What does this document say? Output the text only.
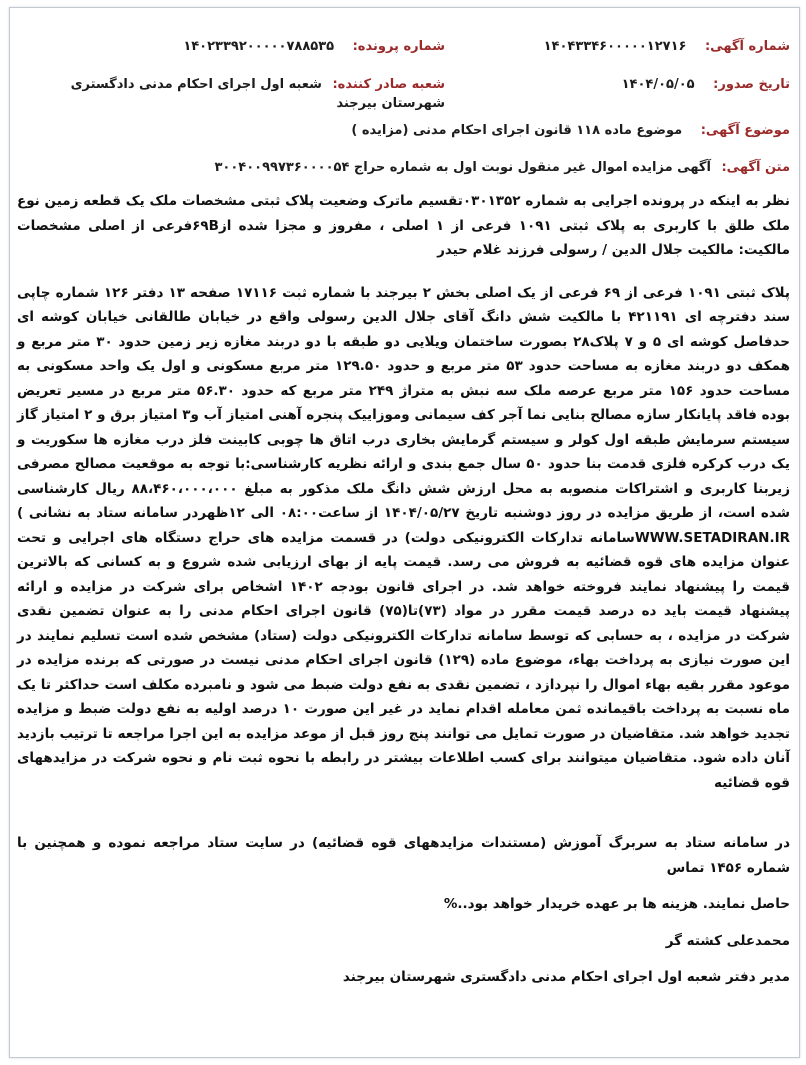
شماره آگهی: ۱۴۰۴۳۳۴۶۰۰۰۰۰۱۲۷۱۶
شماره پرونده: ۱۴۰۲۳۳۹۲۰۰۰۰۰۷۸۸۵۳۵
تاریخ صدور: ۱۴۰۴/۰۵/۰۵
شعبه صادر کننده: شعبه اول اجرای احکام مدنی دادگستری شهرستان بیرجند
موضوع آگهی: موضوع ماده ۱۱۸ قانون اجرای احکام مدنی (مزایده )
متن آگهی: آگهی مزایده اموال غیر منقول نوبت اول به شماره حراج ۳۰۰۴۰۰۹۹۷۳۶۰۰۰۰۵۴

نظر به اینکه در پرونده اجرایی به شماره ۰۳۰۱۳۵۲تقسیم ماترک وضعیت پلاک ثبتی مشخصات ملک یک قطعه زمین نوع ملک طلق با کاربری به پلاک ثبتی ۱۰۹۱ فرعی از ۱ اصلی ، مفروز و مجزا شده از۶۹Bفرعی از اصلی مشخصات مالکیت: مالکیت جلال الدین / رسولی فرزند غلام حیدر

پلاک ثبتی ۱۰۹۱ فرعی از ۶۹ فرعی از یک اصلی بخش ۲ بیرجند با شماره ثبت ۱۷۱۱۶ صفحه ۱۳ دفتر ۱۲۶ شماره چاپی سند دفترچه ای ۴۲۱۱۹۱ با مالکیت شش دانگ آقای جلال الدین رسولی واقع در خیابان طالقانی خیابان کوشه ای حدفاصل کوشه ای ۵ و ۷ پلاک۲۸ بصورت ساختمان ویلایی دو طبقه با دو دربند مغازه زیر زمین حدود ۳۰ متر مربع و همکف دو دربند مغازه به مساحت حدود ۵۳ متر مربع و حدود ۱۲۹.۵۰ متر مربع مسکونی و اول یک واحد مسکونی به مساحت حدود ۱۵۶ متر مربع عرصه ملک سه نبش به متراژ ۲۴۹ متر مربع که حدود ۵۶.۳۰ متر مربع در مسیر تعریض بوده فاقد پایانکار سازه مصالح بنایی نما آجر کف سیمانی وموزاییک پنجره آهنی امتیاز آب و۳ امتیاز برق و ۲ امتیاز گاز سیستم سرمایش طبقه اول کولر و سیستم گرمایش بخاری درب اتاق ها چوبی کابینت فلز درب مغازه ها سکوریت و یک درب کرکره فلزی قدمت بنا حدود ۵۰ سال جمع بندی و ارائه نظریه کارشناسی:با توجه به موقعیت مصالح مصرفی زیربنا کاربری و اشتراکات منصوبه به محل ارزش شش دانگ ملک مذکور به مبلغ ۸۸،۴۶۰،۰۰۰،۰۰۰ ریال کارشناسی شده است، از طریق مزایده در روز دوشنبه تاریخ ۱۴۰۴/۰۵/۲۷ از ساعت۰۸:۰۰ الی ۱۲ظهردر سامانه ستاد به نشانی ) WWW.SETADIRAN.IRسامانه تدارکات الکترونیکی دولت) در قسمت مزایده های حراج دستگاه های اجرایی و تحت عنوان مزایده های قوه قضائیه به فروش می رسد. قیمت پایه از بهای ارزیابی شده شروع و به کسانی که بالاترین قیمت را پیشنهاد نمایند فروخته خواهد شد. در اجرای قانون بودجه ۱۴۰۲ اشخاص برای شرکت در مزایده و ارائه پیشنهاد قیمت باید ده درصد قیمت مقرر در مواد (۷۳)تا(۷۵) قانون اجرای احکام مدنی را به عنوان تضمین نقدی شرکت در مزایده ، به حسابی که توسط سامانه تدارکات الکترونیکی دولت (ستاد) مشخص شده است تسلیم نمایند در این صورت نیازی به پرداخت بهاء، موضوع ماده (۱۲۹) قانون اجرای احکام مدنی نیست در صورتی که برنده مزایده در موعود مقرر بقیه بهاء اموال را نپردازد ، تضمین نقدی به نفع دولت ضبط می شود و نامبرده مکلف است حداکثر تا یک ماه نسبت به پرداخت باقیمانده ثمن معامله اقدام نماید در غیر این صورت ۱۰ درصد اولیه به نفع دولت ضبط و مزایده تجدید خواهد شد. متقاضیان در صورت تمایل می توانند پنج روز قبل از موعد مزایده به این اجرا مراجعه تا ترتیب بازدید آنان داده شود. متقاضیان میتوانند برای کسب اطلاعات بیشتر در رابطه با نحوه ثبت نام و نحوه شرکت در مزایدههای قوه قضائیه

در سامانه ستاد به سربرگ آموزش (مستندات مزایدههای قوه قضائیه) در سایت ستاد مراجعه نموده و همچنین با شماره ۱۴۵۶ تماس

حاصل نمایند. هزینه ها بر عهده خریدار خواهد بود..%

محمدعلی کشته گر

مدیر دفتر شعبه اول اجرای احکام مدنی دادگستری شهرستان بیرجند
